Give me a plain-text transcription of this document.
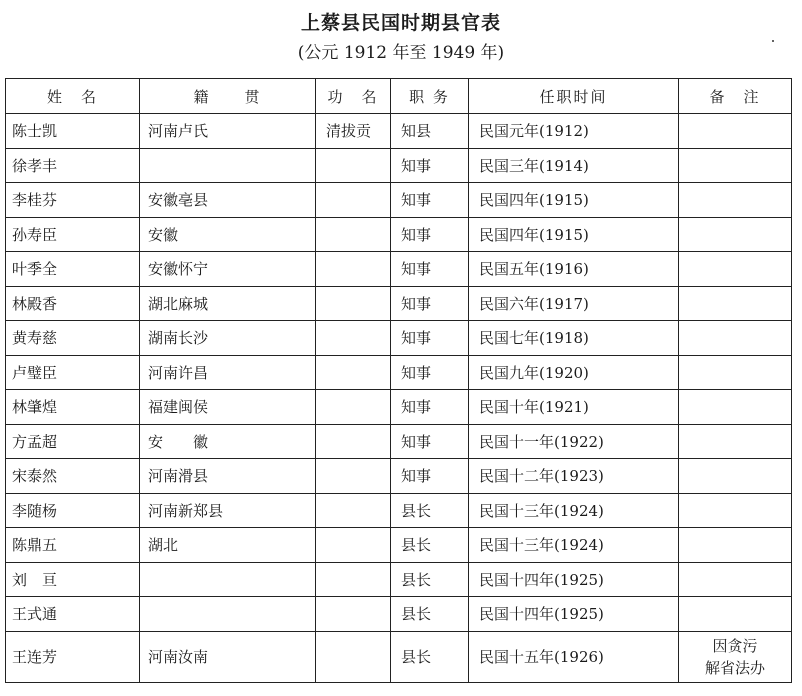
上蔡县民国时期县官表
(公元 1912 年至 1949 年)
姓　名	籍　　贯	功　名	职 务	任职时间	备　注
陈士凯	河南卢氏	清拔贡	知县	民国元年(1912)	
徐孝丰			知事	民国三年(1914)	
李桂芬	安徽亳县		知事	民国四年(1915)	
孙寿臣	安徽		知事	民国四年(1915)	
叶季全	安徽怀宁		知事	民国五年(1916)	
林殿香	湖北麻城		知事	民国六年(1917)	
黄寿慈	湖南长沙		知事	民国七年(1918)	
卢璧臣	河南许昌		知事	民国九年(1920)	
林肇煌	福建闽侯		知事	民国十年(1921)	
方孟超	安　　徽		知事	民国十一年(1922)	
宋泰然	河南滑县		知事	民国十二年(1923)	
李随杨	河南新郑县		县长	民国十三年(1924)	
陈鼎五	湖北		县长	民国十三年(1924)	
刘　亘			县长	民国十四年(1925)	
王式通			县长	民国十四年(1925)	
王连芳	河南汝南		县长	民国十五年(1926)	因贪污
解省法办
